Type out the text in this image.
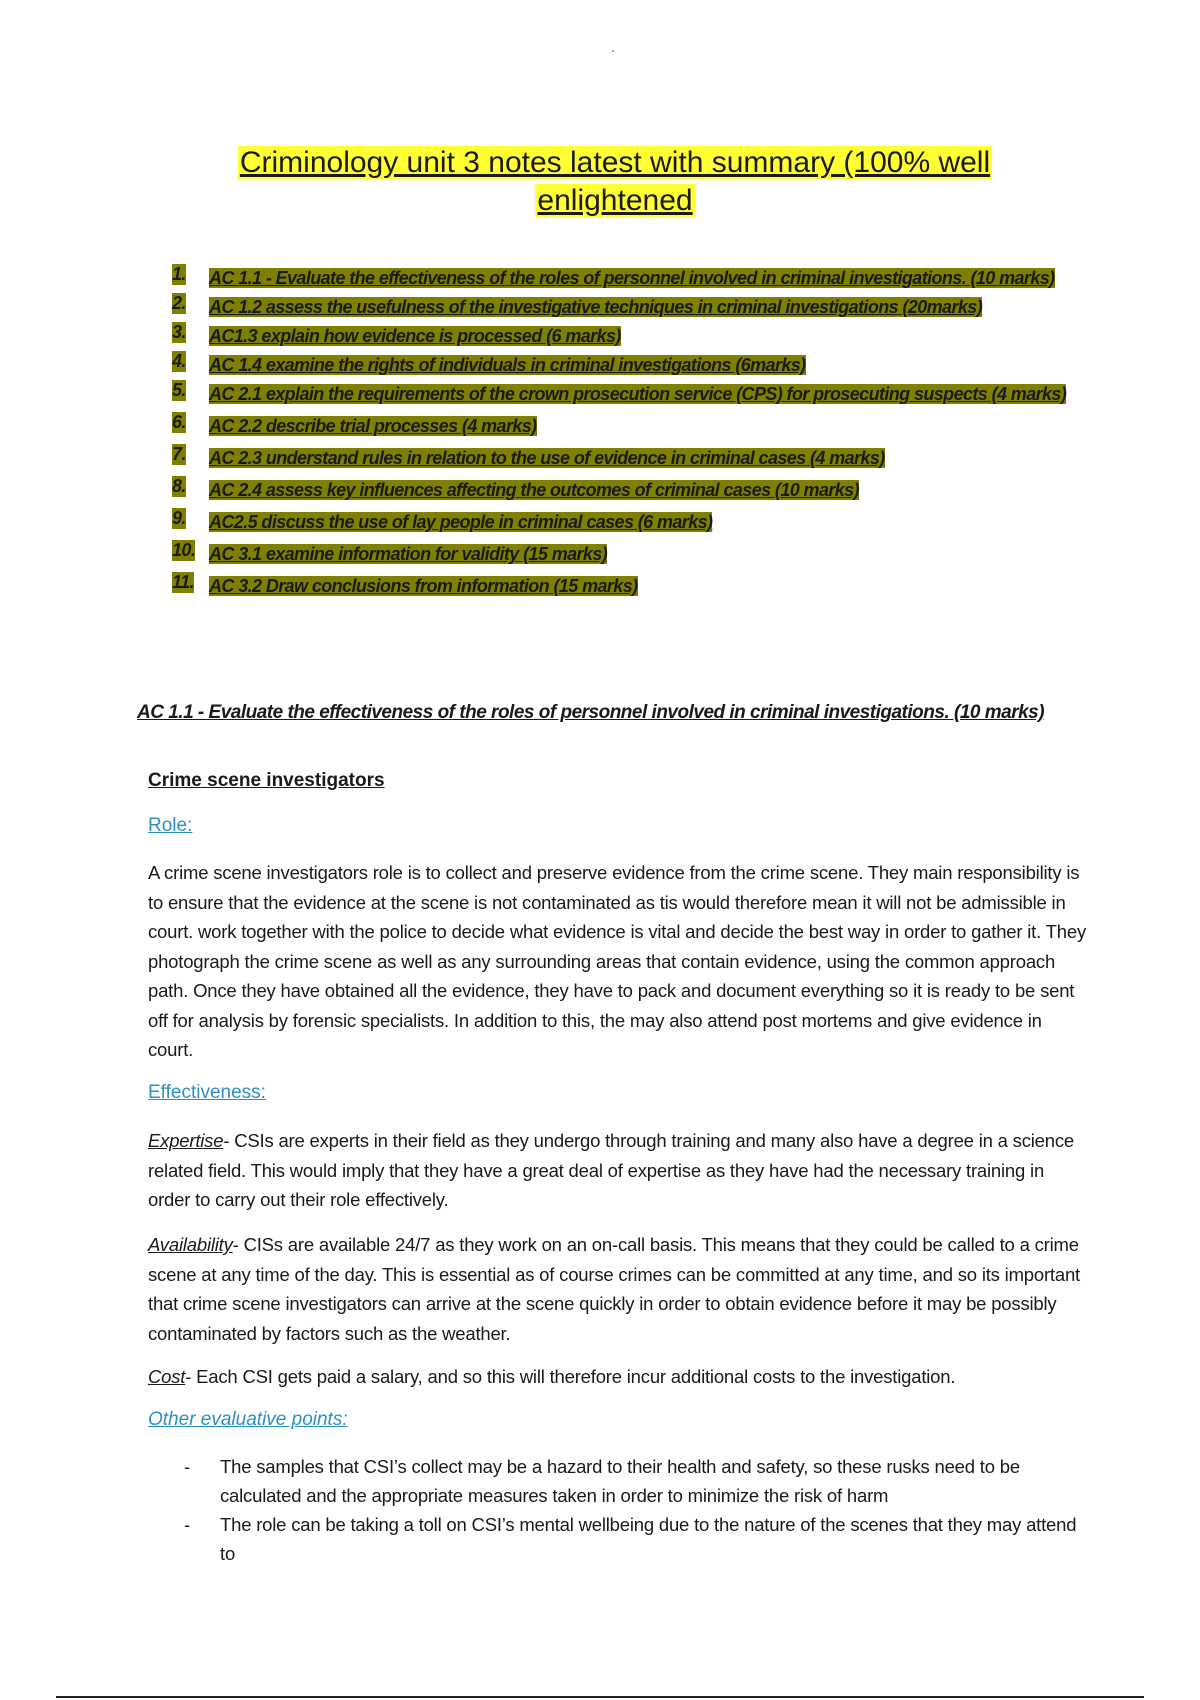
Criminology unit 3 notes latest with summary (100% well
enlightened
1. AC 1.1 - Evaluate the effectiveness of the roles of personnel involved in criminal investigations. (10 marks)
2. AC 1.2 assess the usefulness of the investigative techniques in criminal investigations (20marks)
3. AC1.3 explain how evidence is processed (6 marks)
4. AC 1.4 examine the rights of individuals in criminal investigations (6marks)
5. AC 2.1 explain the requirements of the crown prosecution service (CPS) for prosecuting suspects (4 marks)
6. AC 2.2 describe trial processes (4 marks)
7. AC 2.3 understand rules in relation to the use of evidence in criminal cases (4 marks)
8. AC 2.4 assess key influences affecting the outcomes of criminal cases (10 marks)
9. AC2.5 discuss the use of lay people in criminal cases (6 marks)
10. AC 3.1 examine information for validity (15 marks)
11. AC 3.2 Draw conclusions from information (15 marks)
AC 1.1 - Evaluate the effectiveness of the roles of personnel involved in criminal investigations. (10 marks)
Crime scene investigators

Role:

A crime scene investigators role is to collect and preserve evidence from the crime scene. They main responsibility is to ensure that the evidence at the scene is not contaminated as tis would therefore mean it will not be admissible in court. work together with the police to decide what evidence is vital and decide the best way in order to gather it. They photograph the crime scene as well as any surrounding areas that contain evidence, using the common approach path. Once they have obtained all the evidence, they have to pack and document everything so it is ready to be sent off for analysis by forensic specialists. In addition to this, the may also attend post mortems and give evidence in court.

Effectiveness:

Expertise- CSIs are experts in their field as they undergo through training and many also have a degree in a science related field. This would imply that they have a great deal of expertise as they have had the necessary training in order to carry out their role effectively.

Availability- CISs are available 24/7 as they work on an on-call basis. This means that they could be called to a crime scene at any time of the day. This is essential as of course crimes can be committed at any time, and so its important that crime scene investigators can arrive at the scene quickly in order to obtain evidence before it may be possibly contaminated by factors such as the weather.

Cost- Each CSI gets paid a salary, and so this will therefore incur additional costs to the investigation.

Other evaluative points:

- The samples that CSI’s collect may be a hazard to their health and safety, so these rusks need to be calculated and the appropriate measures taken in order to minimize the risk of harm
- The role can be taking a toll on CSI’s mental wellbeing due to the nature of the scenes that they may attend to
